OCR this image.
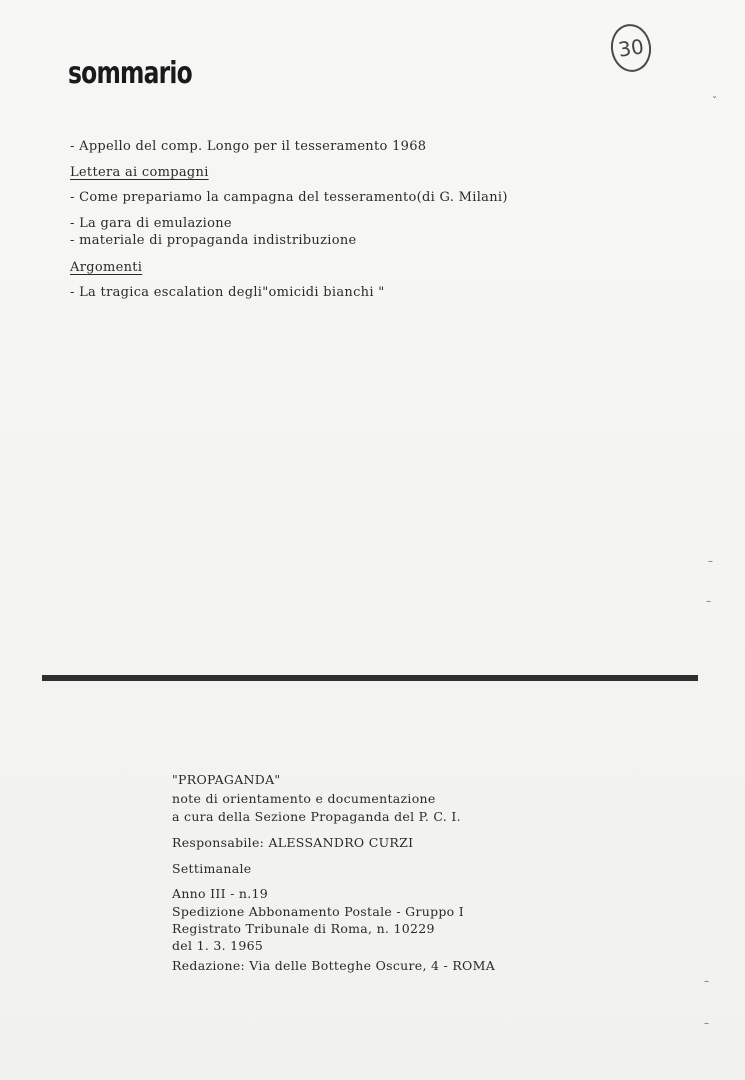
30
sommario
- Appello del comp. Longo per il tesseramento 1968
Lettera ai compagni
- Come prepariamo la campagna del tesseramento(di G. Milani)
- La gara di emulazione
- materiale di propaganda indistribuzione
Argomenti
- La tragica escalation degli"omicidi bianchi "
"PROPAGANDA"
note di orientamento e documentazione
a cura della Sezione Propaganda del P. C. I.
Responsabile: ALESSANDRO CURZI
Settimanale
Anno III - n.19
Spedizione Abbonamento Postale - Gruppo I
Registrato Tribunale di Roma, n. 10229
del 1. 3. 1965
Redazione: Via delle Botteghe Oscure, 4 - ROMA
ˇ
–
–
–
–
